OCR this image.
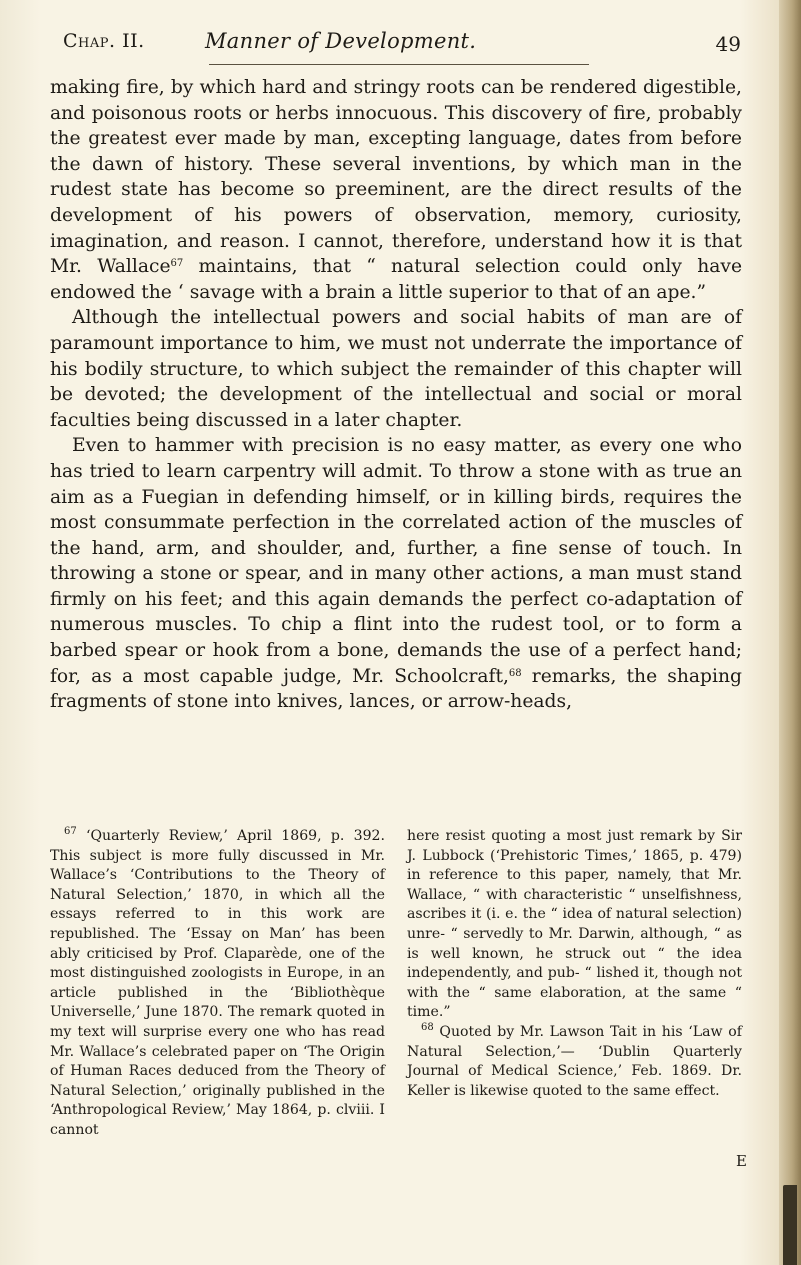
Chap. II.	Manner of Development.	49

making fire, by which hard and stringy roots can be rendered digestible, and poisonous roots or herbs innocuous. This discovery of fire, probably the greatest ever made by man, excepting language, dates from before the dawn of history. These several inventions, by which man in the rudest state has become so preeminent, are the direct results of the development of his powers of observation, memory, curiosity, imagination, and reason. I cannot, therefore, understand how it is that Mr. Wallace$^{67}$ maintains, that “ natural selection could only have endowed the ‘ savage with a brain a little superior to that of an ape.”

Although the intellectual powers and social habits of man are of paramount importance to him, we must not underrate the importance of his bodily structure, to which subject the remainder of this chapter will be devoted; the development of the intellectual and social or moral faculties being discussed in a later chapter.

Even to hammer with precision is no easy matter, as every one who has tried to learn carpentry will admit. To throw a stone with as true an aim as a Fuegian in defending himself, or in killing birds, requires the most consummate perfection in the correlated action of the muscles of the hand, arm, and shoulder, and, further, a fine sense of touch. In throwing a stone or spear, and in many other actions, a man must stand firmly on his feet; and this again demands the perfect co-adaptation of numerous muscles. To chip a flint into the rudest tool, or to form a barbed spear or hook from a bone, demands the use of a perfect hand; for, as a most capable judge, Mr. Schoolcraft,$^{68}$ remarks, the shaping fragments of stone into knives, lances, or arrow-heads,

$^{67}$ ‘Quarterly Review,’ April 1869, p. 392. This subject is more fully discussed in Mr. Wallace’s ‘Contributions to the Theory of Natural Selection,’ 1870, in which all the essays referred to in this work are republished. The ‘Essay on Man’ has been ably criticised by Prof. Claparède, one of the most distinguished zoologists in Europe, in an article published in the ‘Bibliothèque Universelle,’ June 1870. The remark quoted in my text will surprise every one who has read Mr. Wallace’s celebrated paper on ‘The Origin of Human Races deduced from the Theory of Natural Selection,’ originally published in the ‘Anthropological Review,’ May 1864, p. clviii. I cannot

here resist quoting a most just remark by Sir J. Lubbock (‘Prehistoric Times,’ 1865, p. 479) in reference to this paper, namely, that Mr. Wallace, “ with characteristic “ unselfishness, ascribes it (i. e. the “ idea of natural selection) unre- “ servedly to Mr. Darwin, although, “ as is well known, he struck out “ the idea independently, and pub- “ lished it, though not with the “ same elaboration, at the same “ time.”

$^{68}$ Quoted by Mr. Lawson Tait in his ‘Law of Natural Selection,’— ‘Dublin Quarterly Journal of Medical Science,’ Feb. 1869. Dr. Keller is likewise quoted to the same effect.

E
